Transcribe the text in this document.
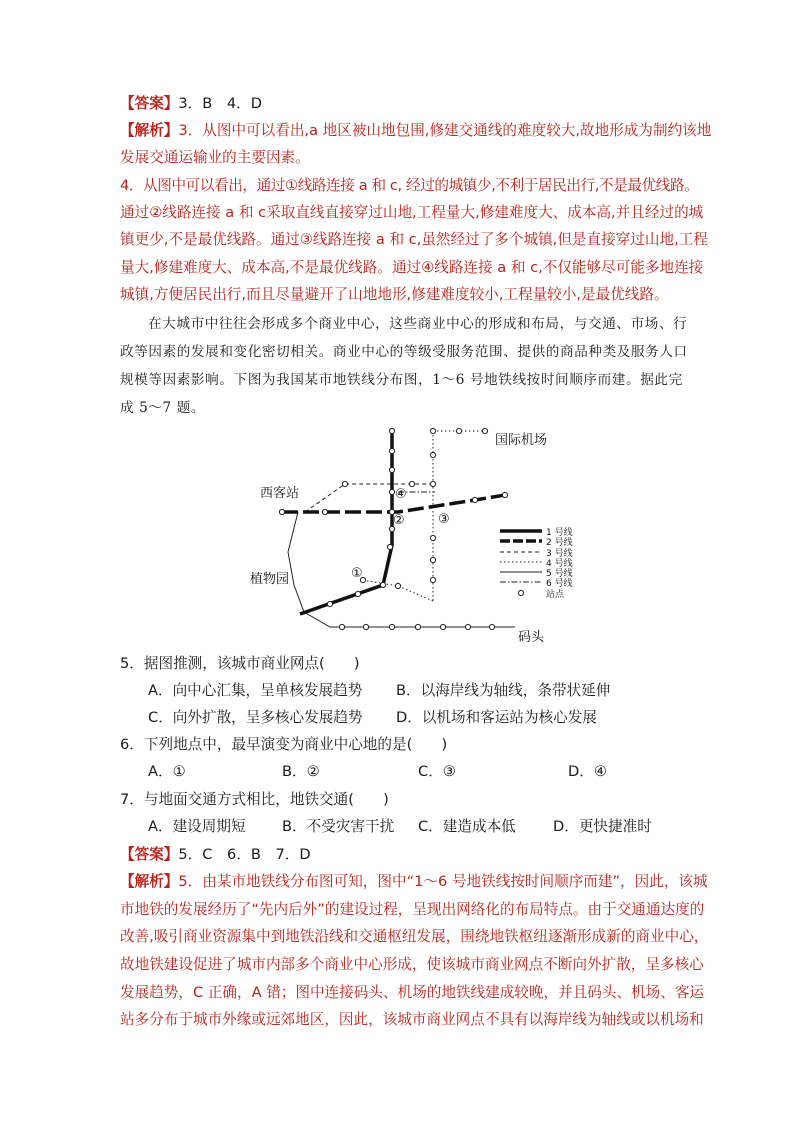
【答案】3．B　4．D
【解析】3．从图中可以看出,a 地区被山地包围,修建交通线的难度较大,故地形成为制约该地
发展交通运输业的主要因素。
4．从图中可以看出，通过①线路连接 a 和 c, 经过的城镇少,不利于居民出行,不是最优线路。
通过②线路连接 a 和 c采取直线直接穿过山地,工程量大,修建难度大、成本高,并且经过的城
镇更少,不是最优线路。通过③线路连接 a 和 c,虽然经过了多个城镇,但是直接穿过山地,工程
量大,修建难度大、成本高,不是最优线路。通过④线路连接 a 和 c,不仅能够尽可能多地连接
城镇,方便居民出行,而且尽量避开了山地地形,修建难度较小,工程量较小,是最优线路。
在大城市中往往会形成多个商业中心，这些商业中心的形成和布局，与交通、市场、行
政等因素的发展和变化密切相关。商业中心的等级受服务范围、提供的商品种类及服务人口
规模等因素影响。下图为我国某市地铁线分布图，1～6 号地铁线按时间顺序而建。据此完
成 5～7 题。
国际机场
西客站
植物园
码头
④
②	③
①
1 号线
2 号线
3 号线
4 号线
5 号线
6 号线
站点
5．据图推测，该城市商业网点(　　)
A．向中心汇集，呈单核发展趋势 B．以海岸线为轴线，条带状延伸
C．向外扩散，呈多核心发展趋势 D．以机场和客运站为核心发展
6．下列地点中，最早演变为商业中心地的是(　　)
A．①	B．②	C．③	D．④
7．与地面交通方式相比，地铁交通(　　)
A．建设周期短 B．不受灾害干扰 C．建造成本低	D．更快捷准时
【答案】5．C　6．B　7．D
【解析】5．由某市地铁线分布图可知，图中“1～6 号地铁线按时间顺序而建”，因此，该城
市地铁的发展经历了“先内后外”的建设过程，呈现出网络化的布局特点。由于交通通达度的
改善,吸引商业资源集中到地铁沿线和交通枢纽发展，围绕地铁枢纽逐渐形成新的商业中心，
故地铁建设促进了城市内部多个商业中心形成，使该城市商业网点不断向外扩散，呈多核心
发展趋势，C 正确，A 错；图中连接码头、机场的地铁线建成较晚，并且码头、机场、客运
站多分布于城市外缘或远郊地区，因此，该城市商业网点不具有以海岸线为轴线或以机场和
